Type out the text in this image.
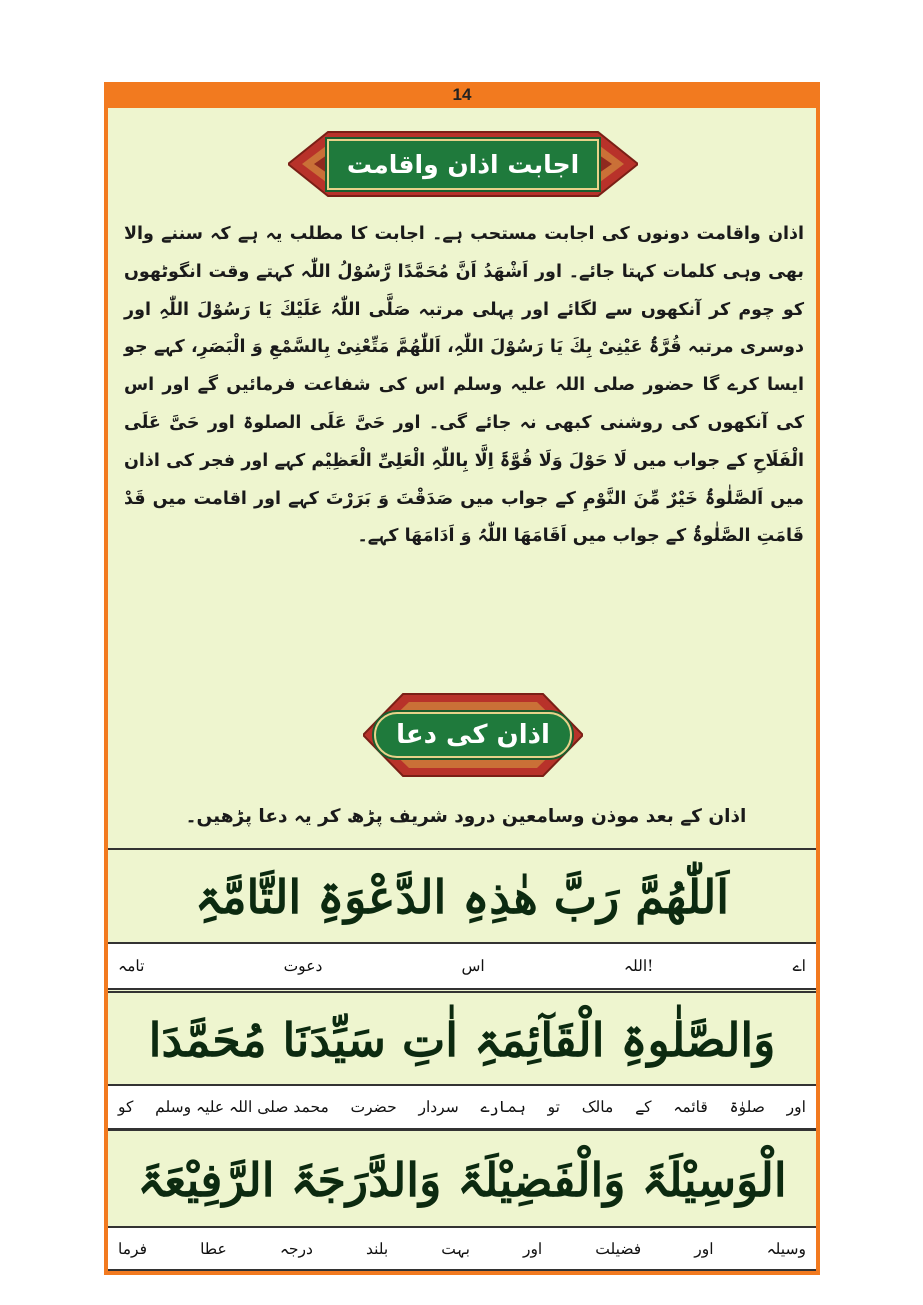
14
اجابت اذان واقامت
اذان واقامت دونوں کی اجابت مستحب ہے۔ اجابت کا مطلب یہ ہے کہ سننے والا بھی وہی کلمات کہتا جائے۔ اور اَشْھَدُ اَنَّ مُحَمَّدًا رَّسُوْلُ اللّٰہ کہتے وقت انگوٹھوں کو چوم کر آنکھوں سے لگائے اور پہلی مرتبہ صَلَّی اللّٰہُ عَلَیْكَ یَا رَسُوْلَ اللّٰہِ اور دوسری مرتبہ قُرَّۃُ عَیْنِیْ بِكَ یَا رَسُوْلَ اللّٰہِ، اَللّٰھُمَّ مَتِّعْنِیْ بِالسَّمْعِ وَ الْبَصَرِ، کہے جو ایسا کرے گا حضور صلی اللہ علیہ وسلم اس کی شفاعت فرمائیں گے اور اس کی آنکھوں کی روشنی کبھی نہ جائے گی۔ اور حَیَّ عَلَی الصلوۃ اور حَیَّ عَلَی الْفَلَاحِ کے جواب میں لَا حَوْلَ وَلَا قُوَّۃَ اِلَّا بِاللّٰہِ الْعَلِیِّ الْعَظِیْم کہے اور فجر کی اذان میں اَلصَّلٰوۃُ خَیْرٌ مِّنَ النَّوْمِ کے جواب میں صَدَقْتَ وَ بَرَرْتَ کہے اور اقامت میں قَدْ قَامَتِ الصَّلٰوۃُ کے جواب میں اَقَامَھَا اللّٰہُ وَ اَدَامَھَا کہے۔
اذان کی دعا
اذان کے بعد موذن وسامعین درود شریف پڑھ کر یہ دعا پڑھیں۔
اَللّٰھُمَّ رَبَّ ھٰذِہِ الدَّعْوَۃِ التَّامَّۃِ
اے
اللہ!
اس
دعوت
تامہ
وَالصَّلٰوۃِ الْقَآئِمَۃِ اٰتِ سَیِّدَنَا مُحَمَّدَا
اور
صلوٰۃ
قائمہ
کے
مالک
تو
ہمارے
سردار
حضرت
محمد صلی اللہ علیہ وسلم
کو
الْوَسِیْلَۃَ وَالْفَضِیْلَۃَ وَالدَّرَجَۃَ الرَّفِیْعَۃَ
وسیلہ
اور
فضیلت
اور
بہت
بلند
درجہ
عطا
فرما
